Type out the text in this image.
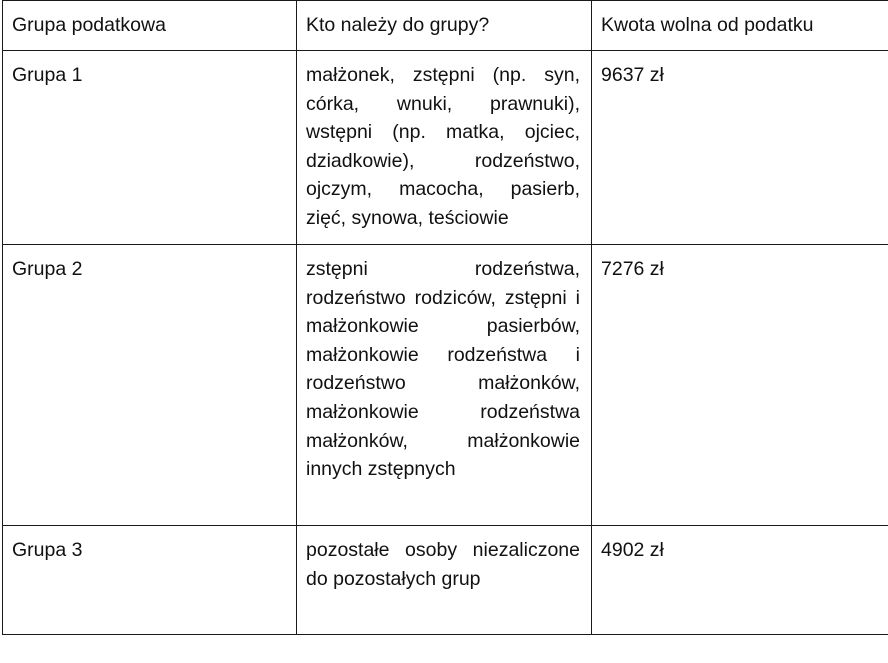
Grupa podatkowa	Kto należy do grupy?	Kwota wolna od podatku
Grupa 1	małżonek, zstępni (np. syn, córka, wnuki, prawnuki), wstępni (np. matka, ojciec, dziadkowie), rodzeństwo, ojczym, macocha, pasierb, zięć, synowa, teściowie	9637 zł
Grupa 2	zstępni rodzeństwa, rodzeństwo rodziców, zstępni i małżonkowie pasierbów, małżonkowie rodzeństwa i rodzeństwo małżonków, małżonkowie rodzeństwa małżonków, małżonkowie innych zstępnych	7276 zł
Grupa 3	pozostałe osoby niezaliczone do pozostałych grup	4902 zł
